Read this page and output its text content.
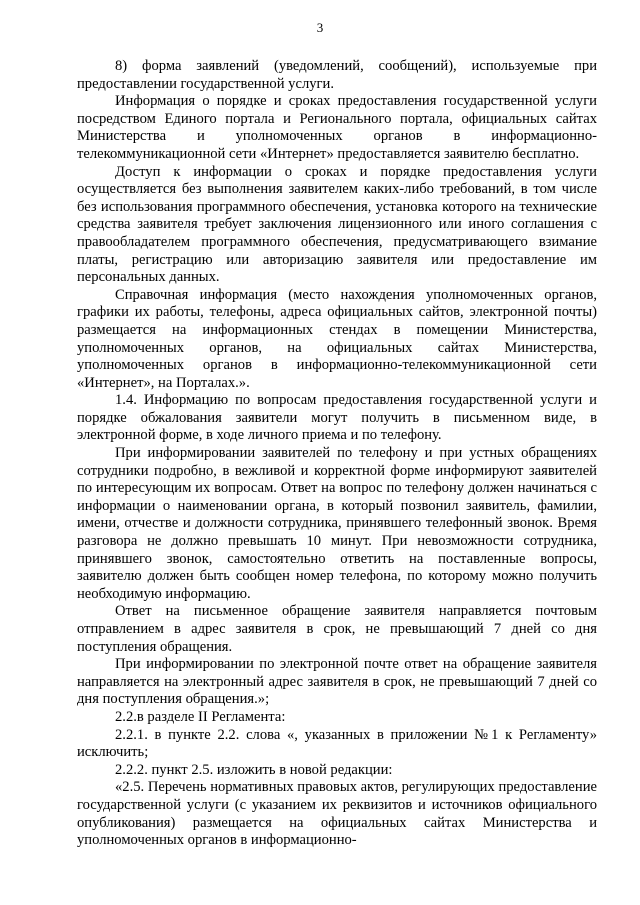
3

8) форма заявлений (уведомлений, сообщений), используемые при предоставлении государственной услуги.

Информация о порядке и сроках предоставления государственной услуги посредством Единого портала и Регионального портала, официальных сайтах Министерства и уполномоченных органов в информационно-телекоммуникационной сети «Интернет» предоставляется заявителю бесплатно.

Доступ к информации о сроках и порядке предоставления услуги осуществляется без выполнения заявителем каких-либо требований, в том числе без использования программного обеспечения, установка которого на технические средства заявителя требует заключения лицензионного или иного соглашения с правообладателем программного обеспечения, предусматривающего взимание платы, регистрацию или авторизацию заявителя или предоставление им персональных данных.

Справочная информация (место нахождения уполномоченных органов, графики их работы, телефоны, адреса официальных сайтов, электронной почты) размещается на информационных стендах в помещении Министерства, уполномоченных органов, на официальных сайтах Министерства, уполномоченных органов в информационно-телекоммуникационной сети «Интернет», на Порталах.».

1.4. Информацию по вопросам предоставления государственной услуги и порядке обжалования заявители могут получить в письменном виде, в электронной форме, в ходе личного приема и по телефону.

При информировании заявителей по телефону и при устных обращениях сотрудники подробно, в вежливой и корректной форме информируют заявителей по интересующим их вопросам. Ответ на вопрос по телефону должен начинаться с информации о наименовании органа, в который позвонил заявитель, фамилии, имени, отчестве и должности сотрудника, принявшего телефонный звонок. Время разговора не должно превышать 10 минут. При невозможности сотрудника, принявшего звонок, самостоятельно ответить на поставленные вопросы, заявителю должен быть сообщен номер телефона, по которому можно получить необходимую информацию.

Ответ на письменное обращение заявителя направляется почтовым отправлением в адрес заявителя в срок, не превышающий 7 дней со дня поступления обращения.

При информировании по электронной почте ответ на обращение заявителя направляется на электронный адрес заявителя в срок, не превышающий 7 дней со дня поступления обращения.»;

2.2.в разделе II Регламента:

2.2.1. в пункте 2.2. слова «, указанных в приложении №1 к Регламенту» исключить;

2.2.2. пункт 2.5. изложить в новой редакции:

«2.5. Перечень нормативных правовых актов, регулирующих предоставление государственной услуги (с указанием их реквизитов и источников официального опубликования) размещается на официальных сайтах Министерства и уполномоченных органов в информационно-
